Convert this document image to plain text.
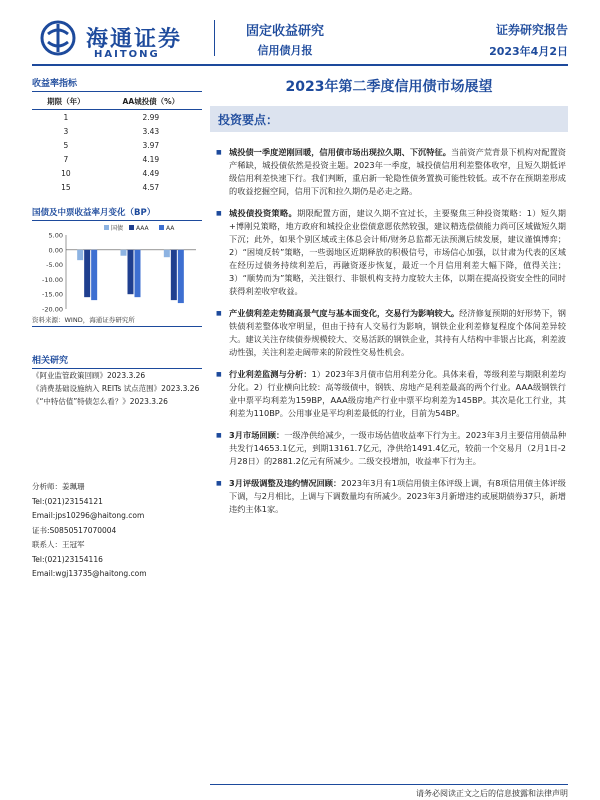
海通证券
HAITONG
固定收益研究
信用债月报
证券研究报告
2023年4月2日
收益率指标
期限（年）	AA城投债（%）
1	2.99
3	3.43
5	3.97
7	4.19
10	4.49
15	4.57
国债及中票收益率月变化（BP）
5.00
0.00
-5.00
-10.00
-15.00
-20.00
国债 AAA	AA
资料来源：WIND，海通证券研究所
相关研究
《阿业监管政策回顾》2023.3.26
《消费基础设施纳入 REITs 试点范围》2023.3.26
《“中特估值”特债怎么看？》2023.3.26
分析师：姜珮珊
Tel:(021)23154121
Email:jps10296@haitong.com
证书:S0850517070004
联系人：王冠军
Tel:(021)23154116
Email:wgj13735@haitong.com
2023年第二季度信用债市场展望
投资要点：
■ 城投债一季度逆刚回暖，信用债市场出现拉久期、下沉特征。当前资产荒背景下机构对配置资产稀缺，城投债依然是投资主题。2023年一季度，城投债信用利差整体收窄，且短久期低评级信用利差快速下行。我们判断，重启新一轮隐性债务置换可能性较低。或不存在预期差形成的收益挖掘空间，信用下沉和拉久期仍是必走之路。
■ 城投债投资策略。期限配置方面，建议久期不宜过长，主要聚焦三种投资策略：1）短久期+博刚兑策略，地方政府和城投企业偿债意愿依然较强，建议精选偿债能力尚可区域做短久期下沉；此外，如果个别区域或主体总会计师/财务总监都无法预测后续发展，建议谨慎博弈；2）“困境反转”策略，一些弱地区近期释放的积极信号，市场信心加强，以甘肃为代表的区域在经历过债务持续利差后，再融资逐步恢复，最近一个月信用利差大幅下降，值得关注；3）“顺势而为”策略，关注银行、非银机构支持力度较大主体，以期在提高投资安全性的同时获得利差收窄收益。
■ 产业债利差走势随高景气度与基本面变化，交易行为影响较大。经济修复预期的好形势下，钢铁债利差整体收窄明显，但由于持有人交易行为影响，钢铁企业利差修复程度个体间差异较大。建议关注存续债券规模较大、交易活跃的钢铁企业，其持有人结构中非银占比高，利差波动性强，关注利差走阔带来的阶段性交易性机会。
■ 行业利差监测与分析：1）2023年3月债市信用利差分化。具体来看，等级利差与期限利差均分化。2）行业横向比较：高等级债中，钢铁、房地产是利差最高的两个行业。AAA级钢铁行业中票平均利差为159BP，AAA级房地产行业中票平均利差为145BP。其次是化工行业，其利差为110BP。公用事业是平均利差最低的行业，目前为54BP。
■ 3月市场回顾：一级净供给减少，一级市场估值收益率下行为主。2023年3月主要信用债品种共发行14653.1亿元，到期13161.7亿元，净供给1491.4亿元，较前一个交易月（2月1日-2月28日）的2881.2亿元有所减少。二级交投增加，收益率下行为主。
■ 3月评级调整及违约情况回顾：2023年3月有1项信用债主体评级上调，有8项信用债主体评级下调，与2月相比，上调与下调数量均有所减少。2023年3月新增违约或展期债券37只，新增违约主体1家。
请务必阅读正文之后的信息披露和法律声明
